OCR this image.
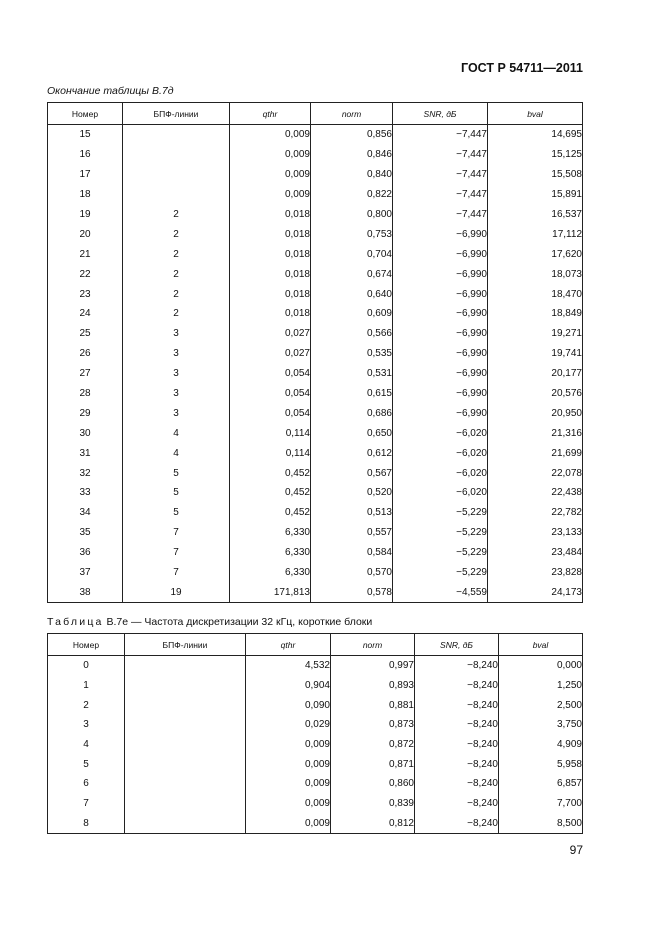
ГОСТ Р 54711—2011
Окончание таблицы В.7д
Номер	БПФ-линии	qthr	norm	SNR, дБ	bval
15		0,009	0,856	−7,447	14,695
16		0,009	0,846	−7,447	15,125
17		0,009	0,840	−7,447	15,508
18		0,009	0,822	−7,447	15,891
19	2	0,018	0,800	−7,447	16,537
20	2	0,018	0,753	−6,990	17,112
21	2	0,018	0,704	−6,990	17,620
22	2	0,018	0,674	−6,990	18,073
23	2	0,018	0,640	−6,990	18,470
24	2	0,018	0,609	−6,990	18,849
25	3	0,027	0,566	−6,990	19,271
26	3	0,027	0,535	−6,990	19,741
27	3	0,054	0,531	−6,990	20,177
28	3	0,054	0,615	−6,990	20,576
29	3	0,054	0,686	−6,990	20,950
30	4	0,114	0,650	−6,020	21,316
31	4	0,114	0,612	−6,020	21,699
32	5	0,452	0,567	−6,020	22,078
33	5	0,452	0,520	−6,020	22,438
34	5	0,452	0,513	−5,229	22,782
35	7	6,330	0,557	−5,229	23,133
36	7	6,330	0,584	−5,229	23,484
37	7	6,330	0,570	−5,229	23,828
38	19	171,813	0,578	−4,559	24,173
Таблица В.7е — Частота дискретизации 32 кГц, короткие блоки
Номер	БПФ-линии	qthr	norm	SNR, дБ	bval
0		4,532	0,997	−8,240	0,000
1		0,904	0,893	−8,240	1,250
2		0,090	0,881	−8,240	2,500
3		0,029	0,873	−8,240	3,750
4		0,009	0,872	−8,240	4,909
5		0,009	0,871	−8,240	5,958
6		0,009	0,860	−8,240	6,857
7		0,009	0,839	−8,240	7,700
8		0,009	0,812	−8,240	8,500
97
